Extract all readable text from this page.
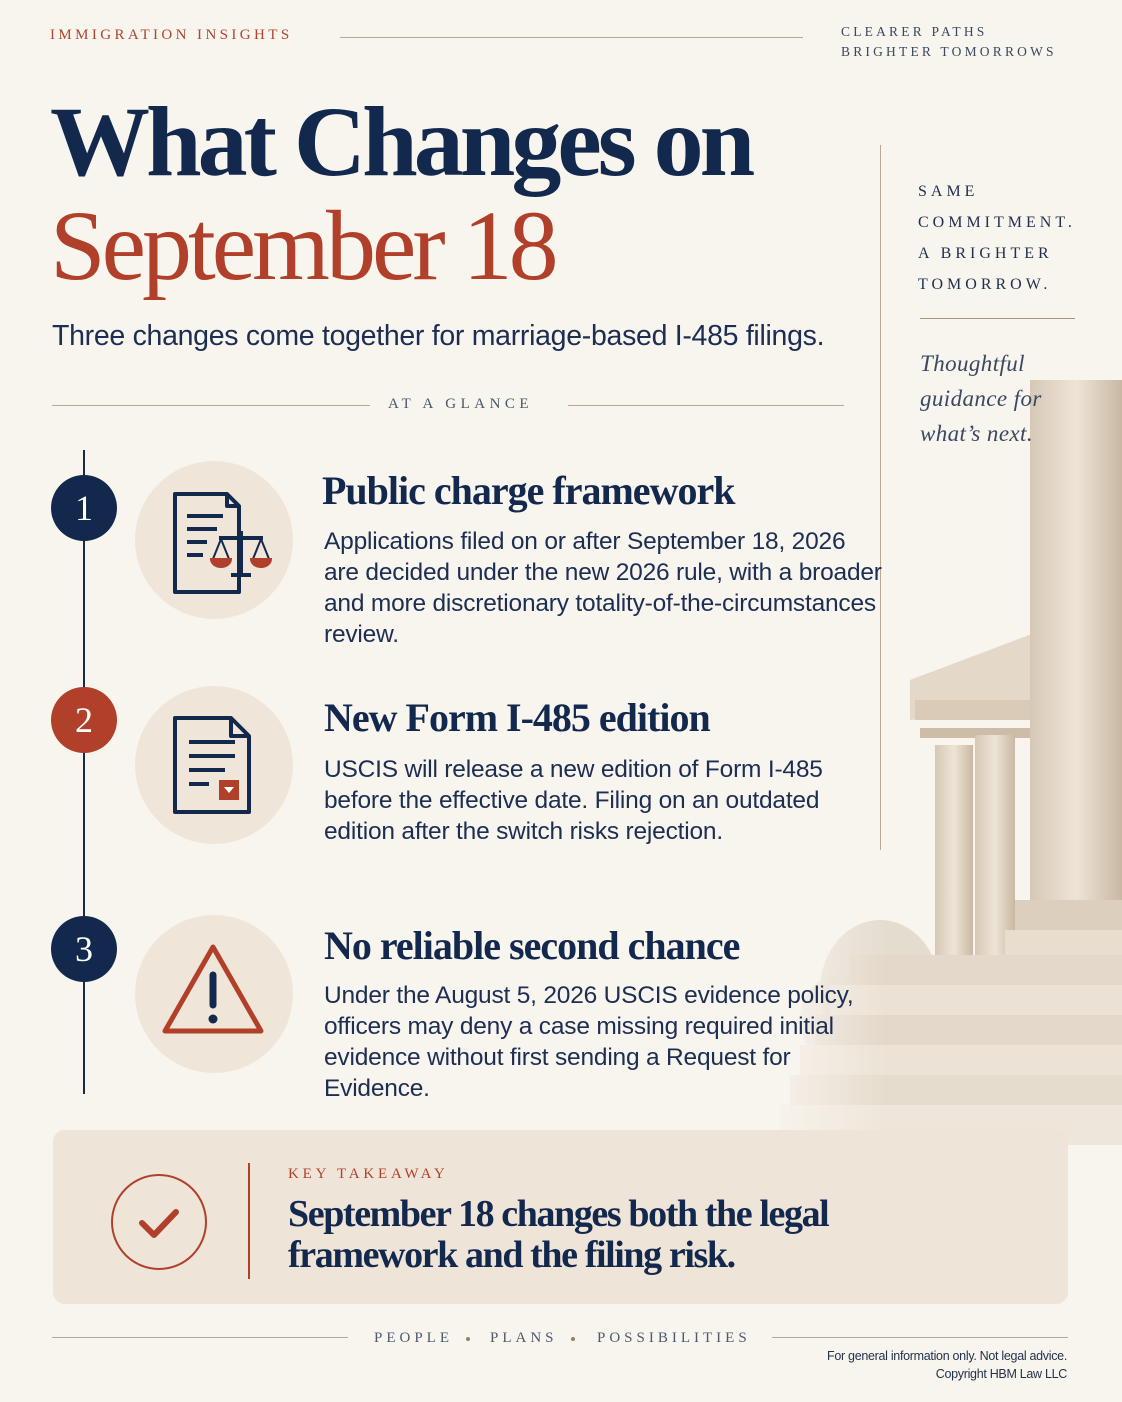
IMMIGRATION INSIGHTS	CLEARER PATHS
BRIGHTER TOMORROWS
What Changes on
September 18
Three changes come together for marriage-based I-485 filings.
AT A GLANCE
SAME
COMMITMENT.
A BRIGHTER
TOMORROW.
Thoughtful
guidance for
what’s next.
1	Public charge framework
Applications filed on or after September 18, 2026
are decided under the new 2026 rule, with a broader
and more discretionary totality-of-the-circumstances
review.
2	New Form I-485 edition
USCIS will release a new edition of Form I-485
before the effective date. Filing on an outdated
edition after the switch risks rejection.
3	No reliable second chance
Under the August 5, 2026 USCIS evidence policy,
officers may deny a case missing required initial
evidence without first sending a Request for
Evidence.
KEY TAKEAWAY
September 18 changes both the legal
framework and the filing risk.
PEOPLE PLANS	POSSIBILITIES
For general information only. Not legal advice.
Copyright HBM Law LLC
